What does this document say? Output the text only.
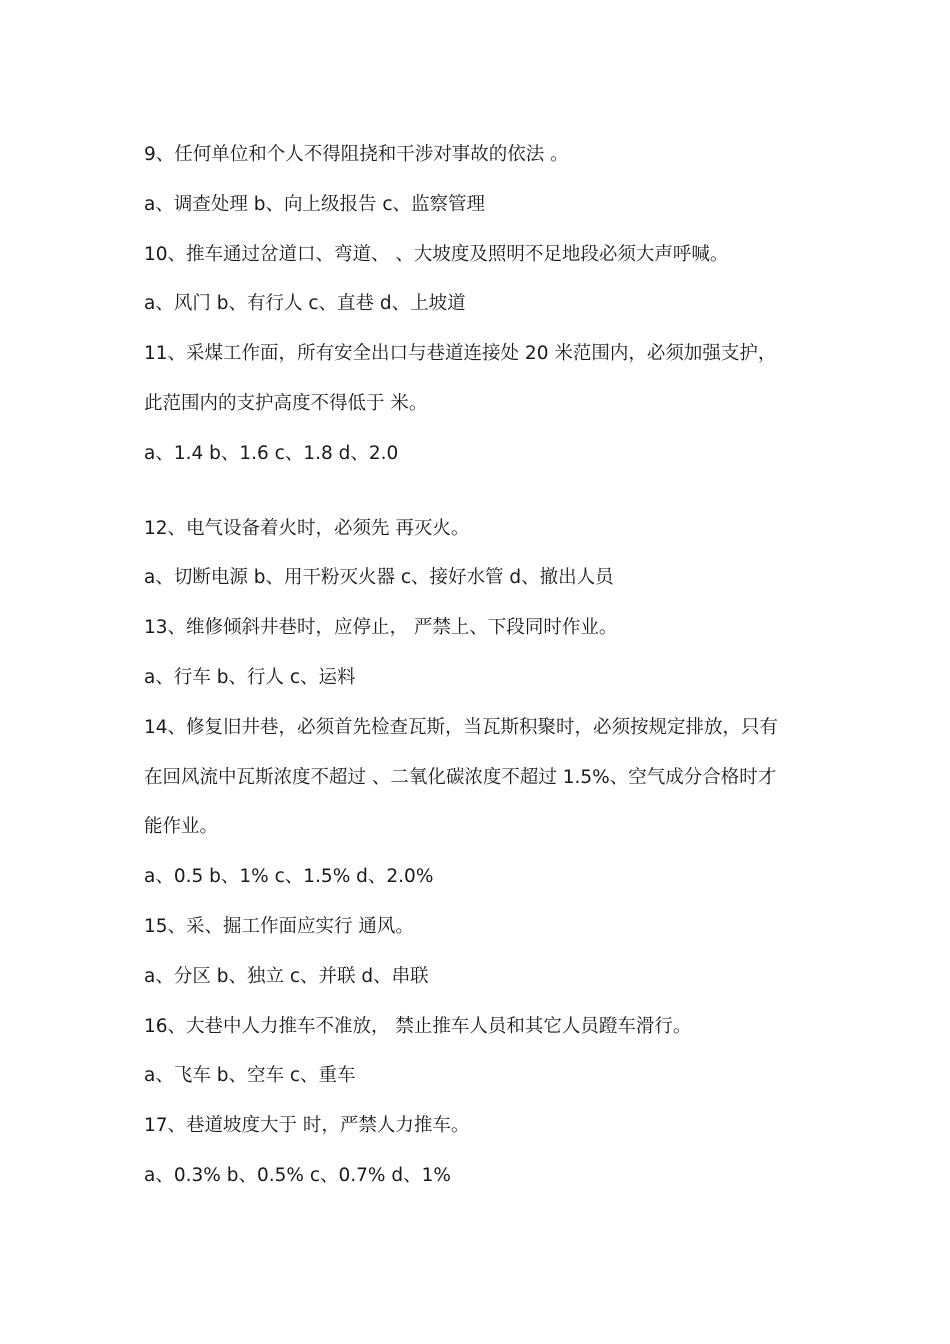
9、任何单位和个人不得阻挠和干涉对事故的依法 。
a、调查处理 b、向上级报告 c、监察管理
10、推车通过岔道口、弯道、 、大坡度及照明不足地段必须大声呼喊。
a、风门 b、有行人 c、直巷 d、上坡道
11、采煤工作面，所有安全出口与巷道连接处 20 米范围内，必须加强支护，
此范围内的支护高度不得低于 米。
a、1.4 b、1.6 c、1.8 d、2.0
12、电气设备着火时，必须先 再灭火。
a、切断电源 b、用干粉灭火器 c、接好水管 d、撤出人员
13、维修倾斜井巷时，应停止， 严禁上、下段同时作业。
a、行车 b、行人 c、运料
14、修复旧井巷，必须首先检查瓦斯，当瓦斯积聚时，必须按规定排放，只有
在回风流中瓦斯浓度不超过 、二氧化碳浓度不超过 1.5%、空气成分合格时才
能作业。
a、0.5 b、1% c、1.5% d、2.0%
15、采、掘工作面应实行 通风。
a、分区 b、独立 c、并联 d、串联
16、大巷中人力推车不准放， 禁止推车人员和其它人员蹬车滑行。
a、飞车 b、空车 c、重车
17、巷道坡度大于 时，严禁人力推车。
a、0.3% b、0.5% c、0.7% d、1%
